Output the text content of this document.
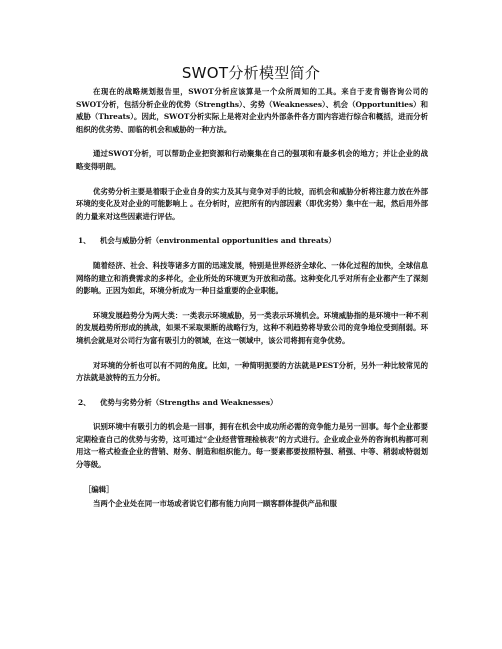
SWOT分析模型简介

在现在的战略规划报告里，SWOT分析应该算是一个众所周知的工具。来自于麦肯锡咨询公司的SWOT分析，包括分析企业的优势（Strengths）、劣势（Weaknesses）、机会（Opportunities）和威胁（Threats）。因此，SWOT分析实际上是将对企业内外部条件各方面内容进行综合和概括，进而分析组织的优劣势、面临的机会和威胁的一种方法。

通过SWOT分析，可以帮助企业把资源和行动聚集在自己的强项和有最多机会的地方；并让企业的战略变得明朗。

优劣势分析主要是着眼于企业自身的实力及其与竞争对手的比较，而机会和威胁分析将注意力放在外部环境的变化及对企业的可能影响上 。在分析时，应把所有的内部因素（即优劣势）集中在一起，然后用外部的力量来对这些因素进行评估。

1、 机会与威胁分析（environmental opportunities and threats）

随着经济、社会、科技等诸多方面的迅速发展，特别是世界经济全球化、一体化过程的加快，全球信息网络的建立和消费需求的多样化，企业所处的环境更为开放和动荡。这种变化几乎对所有企业都产生了深刻的影响。正因为如此，环境分析成为一种日益重要的企业职能。

环境发展趋势分为两大类：一类表示环境威胁，另一类表示环境机会。环境威胁指的是环境中一种不利的发展趋势所形成的挑战，如果不采取果断的战略行为，这种不利趋势将导致公司的竞争地位受到削弱。环境机会就是对公司行为富有吸引力的领域，在这一领域中，该公司将拥有竞争优势。

对环境的分析也可以有不同的角度。比如，一种简明扼要的方法就是PEST分析，另外一种比较常见的方法就是波特的五力分析。

2、 优势与劣势分析（Strengths and Weaknesses）

识别环境中有吸引力的机会是一回事，拥有在机会中成功所必需的竞争能力是另一回事。每个企业都要定期检查自己的优势与劣势，这可通过“企业经营管理检核表”的方式进行。企业或企业外的咨询机构都可利用这一格式检查企业的营销、财务、制造和组织能力。每一要素都要按照特强、稍强、中等、稍弱或特弱划分等级。

［编辑］

当两个企业处在同一市场或者说它们都有能力向同一顾客群体提供产品和服
